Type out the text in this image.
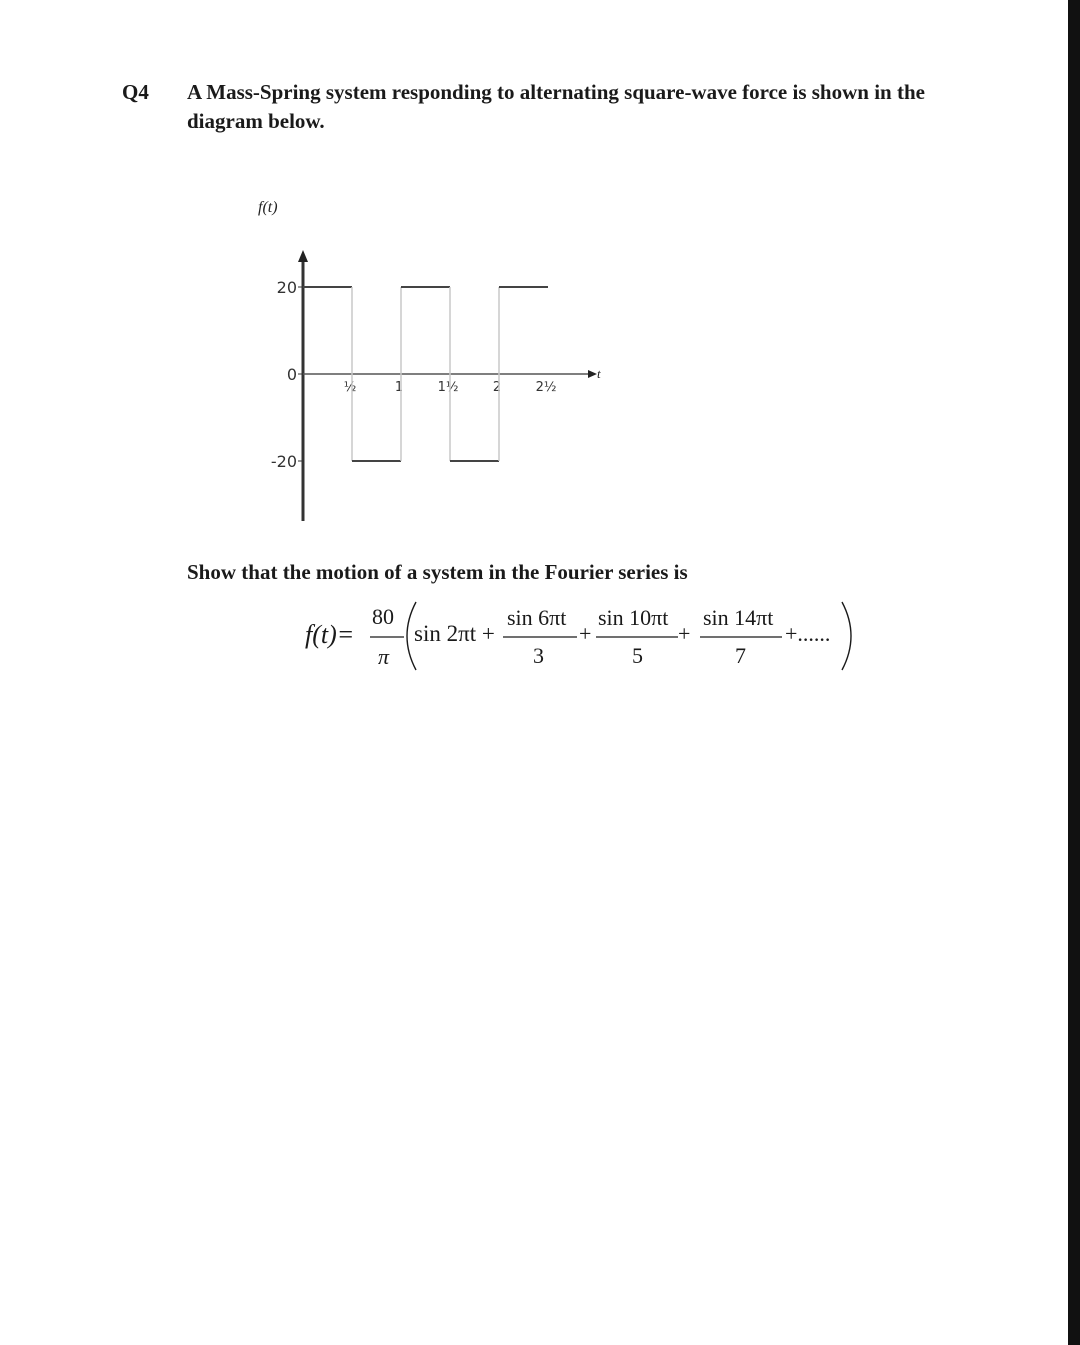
Q4 A Mass-Spring system responding to alternating square-wave force is shown in the
diagram below.
f(t)
t
20
0
-20
½	1	1½	2	2½
Show that the motion of a system in the Fourier series is
f(t)=
80
π
sin 2πt +
sin 6πt
3
+
sin 10πt
5
+
sin 14πt
7
+......
